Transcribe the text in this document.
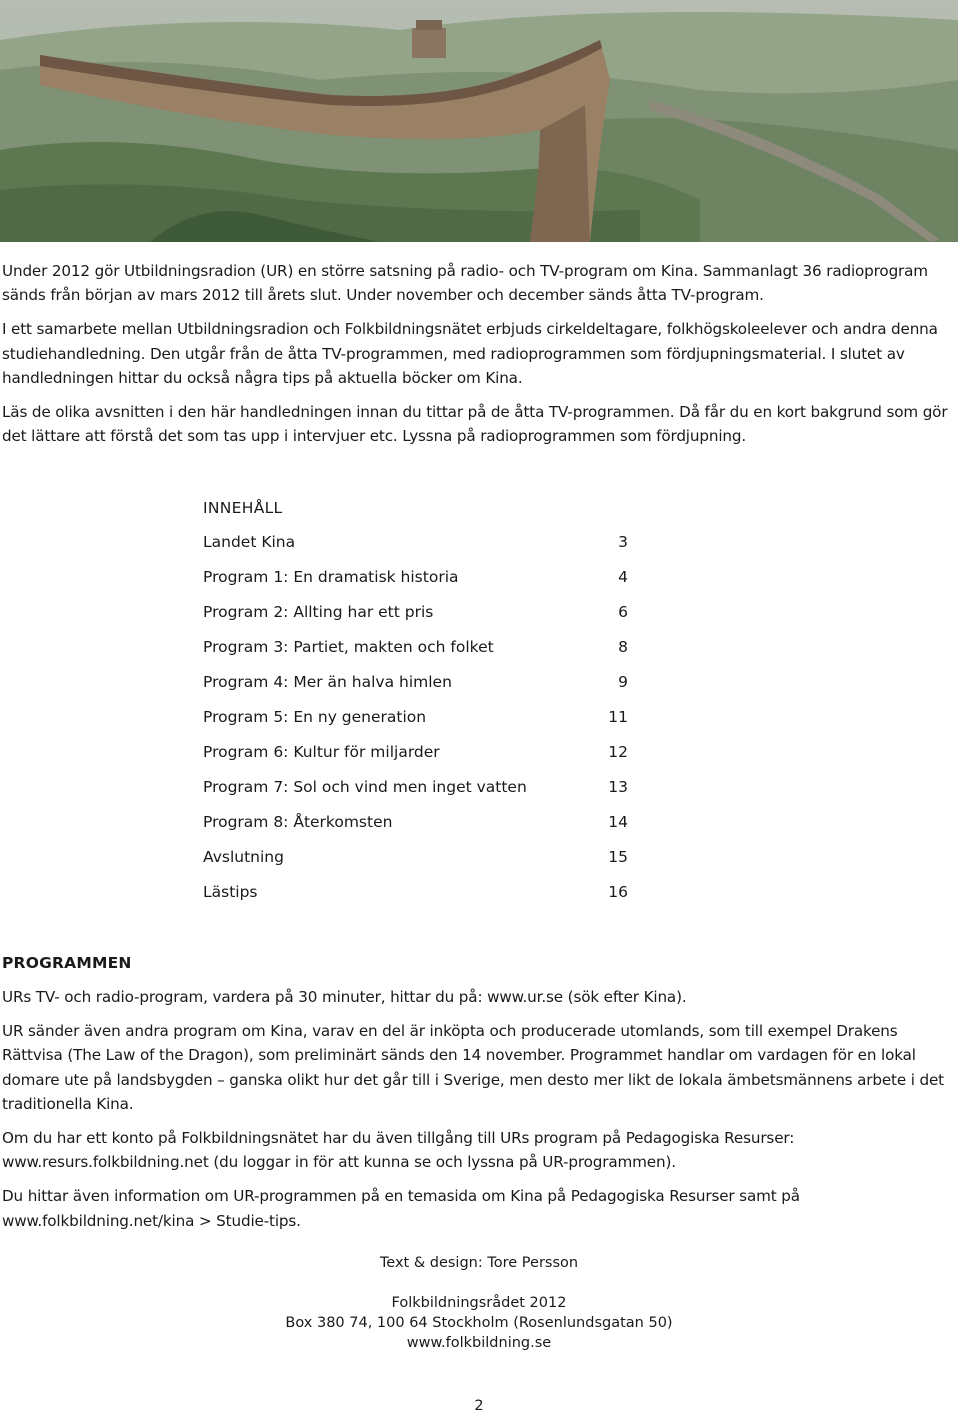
Under 2012 gör Utbildningsradion (UR) en större satsning på radio- och TV-program om Kina. Sammanlagt 36 radioprogram sänds från början av mars 2012 till årets slut. Under november och december sänds åtta TV-program.

I ett samarbete mellan Utbildningsradion och Folkbildningsnätet erbjuds cirkeldeltagare, folkhögskoleelever och andra denna studiehandledning. Den utgår från de åtta TV-programmen, med radioprogrammen som fördjupningsmaterial. I slutet av handledningen hittar du också några tips på aktuella böcker om Kina.

Läs de olika avsnitten i den här handledningen innan du tittar på de åtta TV-programmen. Då får du en kort bakgrund som gör det lättare att förstå det som tas upp i intervjuer etc. Lyssna på radioprogrammen som fördjupning.

INNEHÅLL
Landet Kina	3
Program 1: En dramatisk historia	4
Program 2: Allting har ett pris	6
Program 3: Partiet, makten och folket	8
Program 4: Mer än halva himlen	9
Program 5: En ny generation	11
Program 6: Kultur för miljarder	12
Program 7: Sol och vind men inget vatten	13
Program 8: Återkomsten	14
Avslutning	15
Lästips	16
PROGRAMMEN

URs TV- och radio-program, vardera på 30 minuter, hittar du på: www.ur.se (sök efter Kina).

UR sänder även andra program om Kina, varav en del är inköpta och producerade utomlands, som till exempel Drakens Rättvisa (The Law of the Dragon), som preliminärt sänds den 14 november. Programmet handlar om vardagen för en lokal domare ute på landsbygden – ganska olikt hur det går till i Sverige, men desto mer likt de lokala ämbetsmännens arbete i det traditionella Kina.

Om du har ett konto på Folkbildningsnätet har du även tillgång till URs program på Pedagogiska Resurser: www.resurs.folkbildning.net (du loggar in för att kunna se och lyssna på UR-programmen).

Du hittar även information om UR-programmen på en temasida om Kina på Pedagogiska Resurser samt på www.folkbildning.net/kina > Studie-tips.

Text & design: Tore Persson
Folkbildningsrådet 2012
Box 380 74, 100 64 Stockholm (Rosenlundsgatan 50)
www.folkbildning.se
2
